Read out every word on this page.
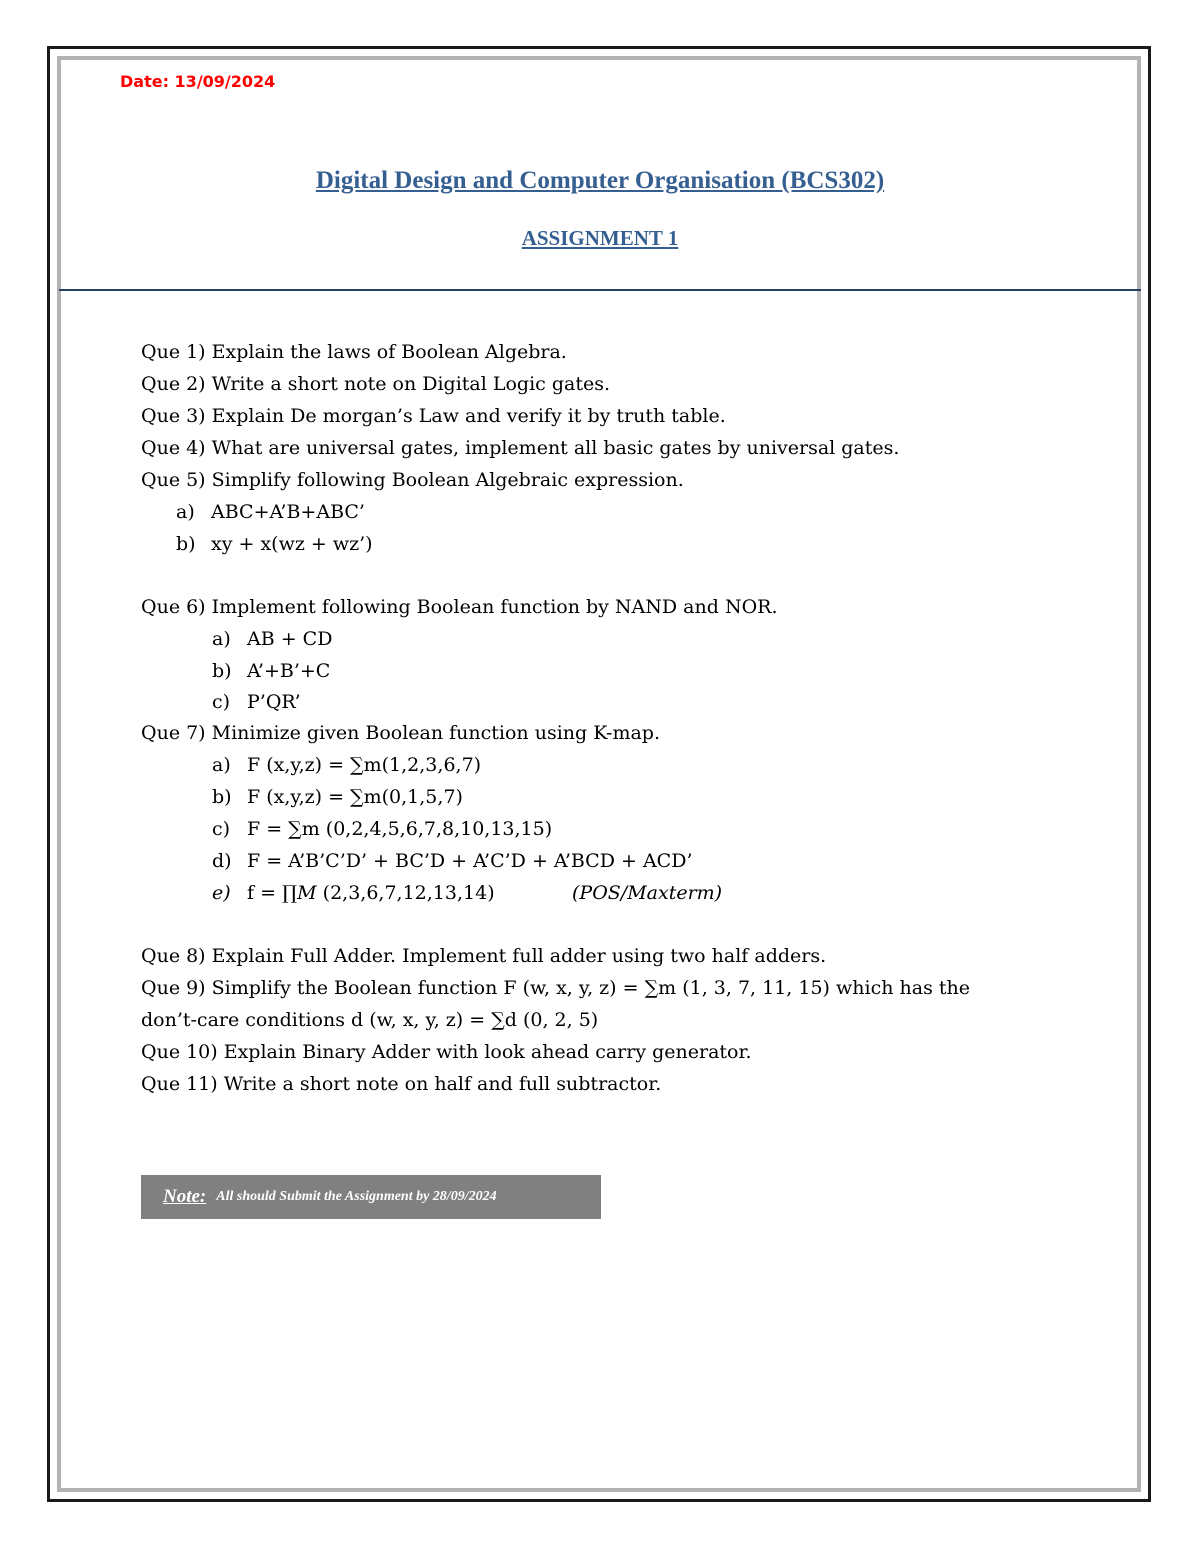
Date: 13/09/2024
Digital Design and Computer Organisation (BCS302)
ASSIGNMENT 1
Que 1) Explain the laws of Boolean Algebra.
Que 2) Write a short note on Digital Logic gates.
Que 3) Explain De morgan’s Law and verify it by truth table.
Que 4) What are universal gates, implement all basic gates by universal gates.
Que 5) Simplify following Boolean Algebraic expression.
a) ABC+A’B+ABC’
b) xy + x(wz + wz’)
Que 6) Implement following Boolean function by NAND and NOR.
a) AB + CD
b) A’+B’+C
c) P’QR’
Que 7) Minimize given Boolean function using K-map.
a) F (x,y,z) = ∑m(1,2,3,6,7)
b) F (x,y,z) = ∑m(0,1,5,7)
c) F = ∑m (0,2,4,5,6,7,8,10,13,15)
d) F = A’B’C’D’ + BC’D + A’C’D + A’BCD + ACD’
e) f = ∏M (2,3,6,7,12,13,14)	(POS/Maxterm)
Que 8) Explain Full Adder. Implement full adder using two half adders.
Que 9) Simplify the Boolean function F (w, x, y, z) = ∑m (1, 3, 7, 11, 15) which has the
don’t-care conditions d (w, x, y, z) = ∑d (0, 2, 5)
Que 10) Explain Binary Adder with look ahead carry generator.
Que 11) Write a short note on half and full subtractor.
Note: All should Submit the Assignment by 28/09/2024
